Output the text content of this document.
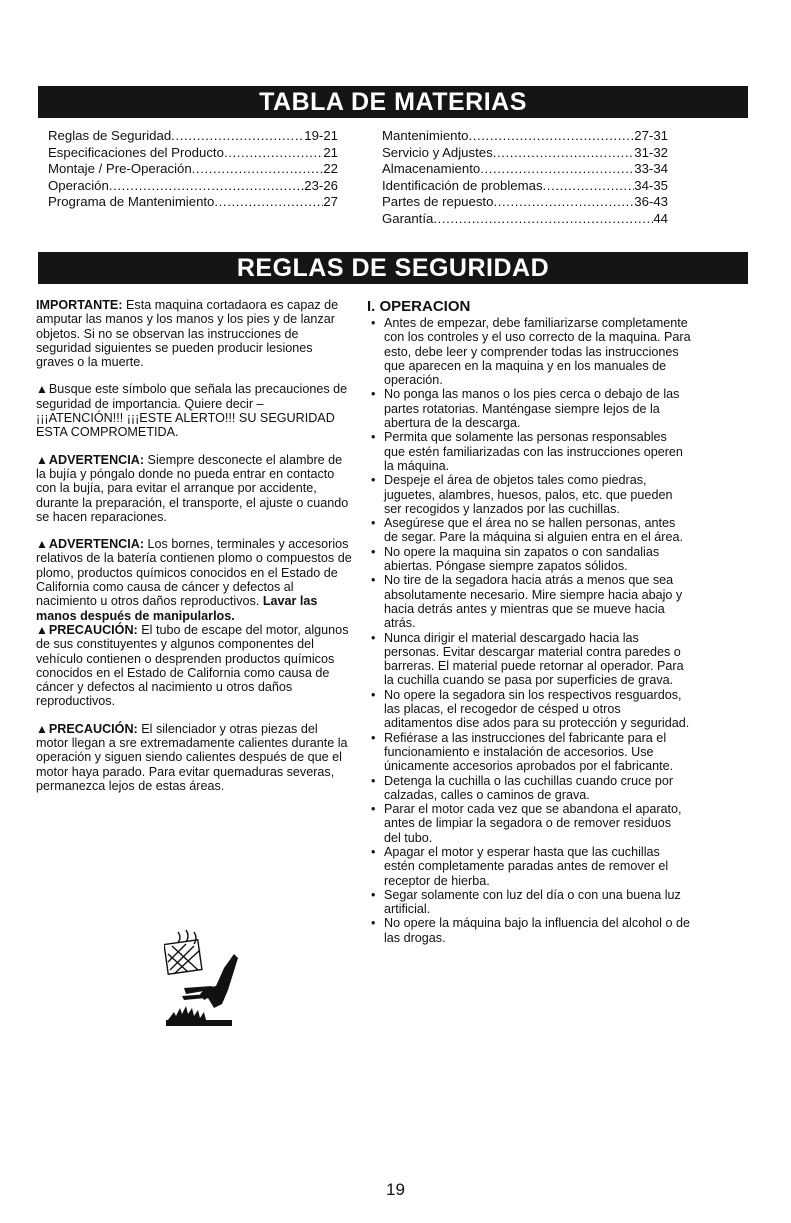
TABLA DE MATERIAS
Reglas de Seguridad .....	19-21
Especificaciones del Producto .....	21
Montaje / Pre-Operación .....	22
Operación .....	23-26
Programa de Mantenimiento .....	27
Mantenimiento .....	27-31
Servicio y Adjustes .....	31-32
Almacenamiento .....	33-34
Identificación de problemas .....	34-35
Partes de repuesto .....	36-43
Garantía .....	44
REGLAS DE SEGURIDAD

IMPORTANTE: Esta maquina cortadaora es capaz de amputar las manos y los manos y los pies y de lanzar objetos. Si no se observan las instrucciones de seguridad siguientes se pueden producir lesiones graves o la muerte.

▲Busque este símbolo que señala las precauciones de seguridad de importancia. Quiere decir – ¡¡¡ATENCIÓN!!! ¡¡¡ESTE ALERTO!!! SU SEGURIDAD ESTA COMPROMETIDA.

▲ADVERTENCIA: Siempre desconecte el alambre de la bujía y póngalo donde no pueda entrar en contacto con la bujía, para evitar el arranque por accidente, durante la preparación, el transporte, el ajuste o cuando se hacen reparaciones.

▲ADVERTENCIA: Los bornes, terminales y accesorios relativos de la batería contienen plomo o compuestos de plomo, productos químicos conocidos en el Estado de California como causa de cáncer y defectos al nacimiento u otros daños reproductivos. Lavar las manos después de manipularlos.

▲PRECAUCIÓN: El tubo de escape del motor, algunos de sus constituyentes y algunos componentes del vehículo contienen o desprenden productos químicos conocidos en el Estado de California como causa de cáncer y defectos al nacimiento u otros daños reproductivos.

▲PRECAUCIÓN: El silenciador y otras piezas del motor llegan a sre extremadamente calientes durante la operación y siguen siendo calientes después de que el motor haya parado. Para evitar quemaduras severas, permanezca lejos de estas áreas.

I. OPERACION
• Antes de empezar, debe familiarizarse completamente con los controles y el uso correcto de la maquina. Para esto, debe leer y comprender todas las instrucciones que aparecen en la maquina y en los manuales de operación.
• No ponga las manos o los pies cerca o debajo de las partes rotatorias. Manténgase siempre lejos de la abertura de la descarga.
• Permita que solamente las personas responsables que estén familiarizadas con las instrucciones operen la máquina.
• Despeje el área de objetos tales como piedras, juguetes, alambres, huesos, palos, etc. que pueden ser recogidos y lanzados por las cuchillas.
• Asegúrese que el área no se hallen personas, antes de segar. Pare la máquina si alguien entra en el área.
• No opere la maquina sin zapatos o con sandalias abiertas. Póngase siempre zapatos sólidos.
• No tire de la segadora hacia atrás a menos que sea absolutamente necesario. Mire siempre hacia abajo y hacia detrás antes y mientras que se mueve hacia atrás.
• Nunca dirigir el material descargado hacia las personas. Evitar descargar material contra paredes o barreras. El material puede retornar al operador. Para la cuchilla cuando se pasa por superficies de grava.
• No opere la segadora sin los respectivos resguardos, las placas, el recogedor de césped u otros aditamentos dise ados para su protección y seguridad.
• Refiérase a las instrucciones del fabricante para el funcionamiento e instalación de accesorios. Use únicamente accesorios aprobados por el fabricante.
• Detenga la cuchilla o las cuchillas cuando cruce por calzadas, calles o caminos de grava.
• Parar el motor cada vez que se abandona el aparato, antes de limpiar la segadora o de remover residuos del tubo.
• Apagar el motor y esperar hasta que las cuchillas estén completamente paradas antes de remover el receptor de hierba.
• Segar solamente con luz del día o con una buena luz artificial.
• No opere la máquina bajo la influencia del alcohol o de las drogas.
19
